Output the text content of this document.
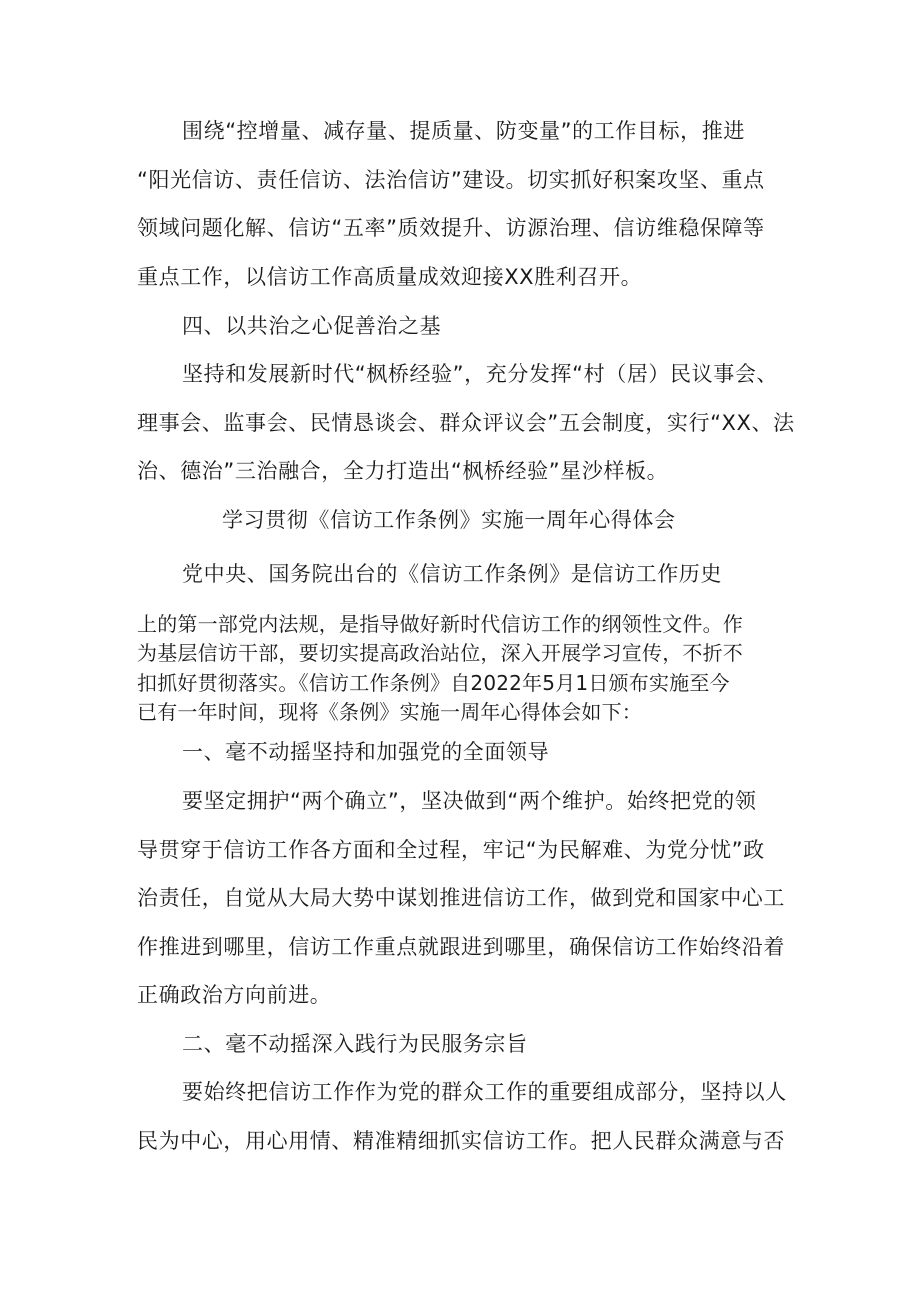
围绕“控增量、减存量、提质量、防变量”的工作目标，推进

“阳光信访、责任信访、法治信访”建设。切实抓好积案攻坚、重点

领域问题化解、信访“五率”质效提升、访源治理、信访维稳保障等

重点工作，以信访工作高质量成效迎接XX胜利召开。

四、以共治之心促善治之基

坚持和发展新时代“枫桥经验”，充分发挥“村（居）民议事会、

理事会、监事会、民情恳谈会、群众评议会”五会制度，实行“XX、法

治、德治”三治融合，全力打造出“枫桥经验”星沙样板。

学习贯彻《信访工作条例》实施一周年心得体会

党中央、国务院出台的《信访工作条例》是信访工作历史

上的第一部党内法规，是指导做好新时代信访工作的纲领性文件。作

为基层信访干部，要切实提高政治站位，深入开展学习宣传，不折不

扣抓好贯彻落实。《信访工作条例》自2022年5月1日颁布实施至今

已有一年时间，现将《条例》实施一周年心得体会如下：

一、毫不动摇坚持和加强党的全面领导

要坚定拥护“两个确立”，坚决做到“两个维护。始终把党的领

导贯穿于信访工作各方面和全过程，牢记“为民解难、为党分忧”政

治责任，自觉从大局大势中谋划推进信访工作，做到党和国家中心工

作推进到哪里，信访工作重点就跟进到哪里，确保信访工作始终沿着

正确政治方向前进。

二、毫不动摇深入践行为民服务宗旨

要始终把信访工作作为党的群众工作的重要组成部分，坚持以人

民为中心，用心用情、精准精细抓实信访工作。把人民群众满意与否
